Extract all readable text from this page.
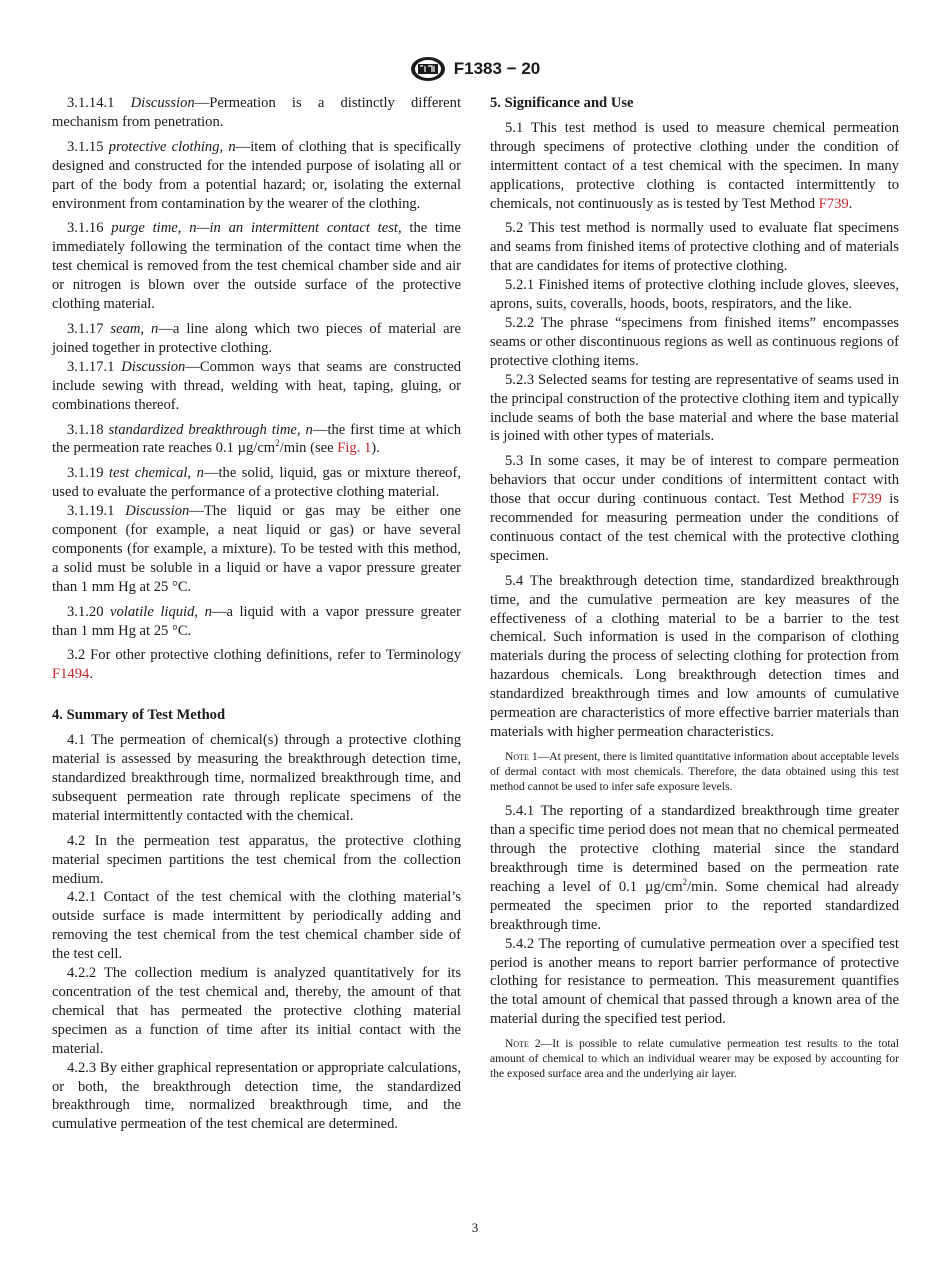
F1383 − 20

3.1.14.1 Discussion—Permeation is a distinctly different mechanism from penetration.

3.1.15 protective clothing, n—item of clothing that is specifically designed and constructed for the intended purpose of isolating all or part of the body from a potential hazard; or, isolating the external environment from contamination by the wearer of the clothing.

3.1.16 purge time, n—in an intermittent contact test, the time immediately following the termination of the contact time when the test chemical is removed from the test chemical chamber side and air or nitrogen is blown over the outside surface of the protective clothing material.

3.1.17 seam, n—a line along which two pieces of material are joined together in protective clothing.

3.1.17.1 Discussion—Common ways that seams are constructed include sewing with thread, welding with heat, taping, gluing, or combinations thereof.

3.1.18 standardized breakthrough time, n—the first time at which the permeation rate reaches 0.1 $\mu g/cm^2/\min$ (see Fig. 1).

3.1.19 test chemical, n—the solid, liquid, gas or mixture thereof, used to evaluate the performance of a protective clothing material.

3.1.19.1 Discussion—The liquid or gas may be either one component (for example, a neat liquid or gas) or have several components (for example, a mixture). To be tested with this method, a solid must be soluble in a liquid or have a vapor pressure greater than 1 mm Hg at 25 °C.

3.1.20 volatile liquid, n—a liquid with a vapor pressure greater than 1 mm Hg at 25 °C.

3.2 For other protective clothing definitions, refer to Terminology F1494.

4. Summary of Test Method

4.1 The permeation of chemical(s) through a protective clothing material is assessed by measuring the breakthrough detection time, standardized breakthrough time, normalized breakthrough time, and subsequent permeation rate through replicate specimens of the material intermittently contacted with the chemical.

4.2 In the permeation test apparatus, the protective clothing material specimen partitions the test chemical from the collection medium.

4.2.1 Contact of the test chemical with the clothing material’s outside surface is made intermittent by periodically adding and removing the test chemical from the test chemical chamber side of the test cell.

4.2.2 The collection medium is analyzed quantitatively for its concentration of the test chemical and, thereby, the amount of that chemical that has permeated the protective clothing material specimen as a function of time after its initial contact with the material.

4.2.3 By either graphical representation or appropriate calculations, or both, the breakthrough detection time, the standardized breakthrough time, normalized breakthrough time, and the cumulative permeation of the test chemical are determined.

5. Significance and Use

5.1 This test method is used to measure chemical permeation through specimens of protective clothing under the condition of intermittent contact of a test chemical with the specimen. In many applications, protective clothing is contacted intermittently to chemicals, not continuously as is tested by Test Method F739.

5.2 This test method is normally used to evaluate flat specimens and seams from finished items of protective clothing and of materials that are candidates for items of protective clothing.

5.2.1 Finished items of protective clothing include gloves, sleeves, aprons, suits, coveralls, hoods, boots, respirators, and the like.

5.2.2 The phrase “specimens from finished items” encompasses seams or other discontinuous regions as well as continuous regions of protective clothing items.

5.2.3 Selected seams for testing are representative of seams used in the principal construction of the protective clothing item and typically include seams of both the base material and where the base material is joined with other types of materials.

5.3 In some cases, it may be of interest to compare permeation behaviors that occur under conditions of intermittent contact with those that occur during continuous contact. Test Method F739 is recommended for measuring permeation under the conditions of continuous contact of the test chemical with the protective clothing specimen.

5.4 The breakthrough detection time, standardized breakthrough time, and the cumulative permeation are key measures of the effectiveness of a clothing material to be a barrier to the test chemical. Such information is used in the comparison of clothing materials during the process of selecting clothing for protection from hazardous chemicals. Long breakthrough detection times and standardized breakthrough times and low amounts of cumulative permeation are characteristics of more effective barrier materials than materials with higher permeation characteristics.

Note 1—At present, there is limited quantitative information about acceptable levels of dermal contact with most chemicals. Therefore, the data obtained using this test method cannot be used to infer safe exposure levels.

5.4.1 The reporting of a standardized breakthrough time greater than a specific time period does not mean that no chemical permeated through the protective clothing material since the standard breakthrough time is determined based on the permeation rate reaching a level of 0.1 $\mu g/cm^2/\min$. Some chemical had already permeated the specimen prior to the reported standardized breakthrough time.

5.4.2 The reporting of cumulative permeation over a specified test period is another means to report barrier performance of protective clothing for resistance to permeation. This measurement quantifies the total amount of chemical that passed through a known area of the material during the specified test period.

Note 2—It is possible to relate cumulative permeation test results to the total amount of chemical to which an individual wearer may be exposed by accounting for the exposed surface area and the underlying air layer.

3
